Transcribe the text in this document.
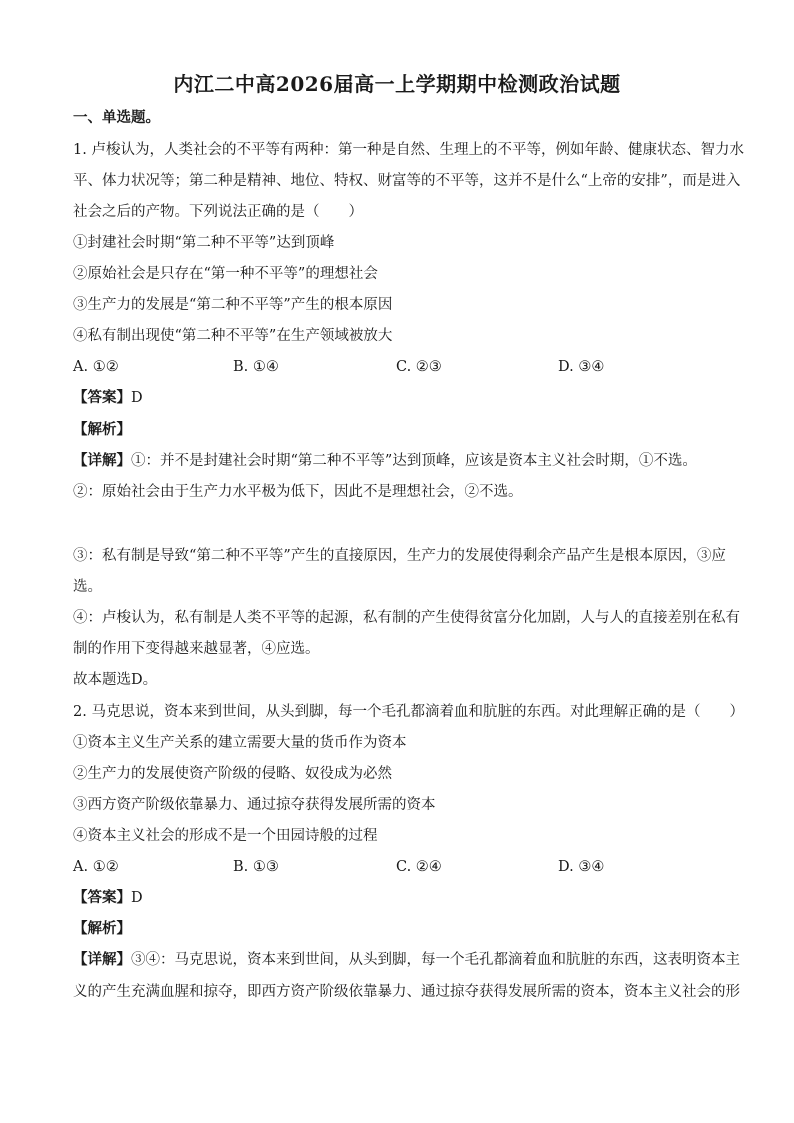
内江二中高2026届高一上学期期中检测政治试题
一、单选题。
1. 卢梭认为，人类社会的不平等有两种：第一种是自然、生理上的不平等，例如年龄、健康状态、智力水
平、体力状况等；第二种是精神、地位、特权、财富等的不平等，这并不是什么“上帝的安排”，而是进入
社会之后的产物。下列说法正确的是（　　）
①封建社会时期“第二种不平等”达到顶峰
②原始社会是只存在“第一种不平等”的理想社会
③生产力的发展是“第二种不平等”产生的根本原因
④私有制出现使“第二种不平等”在生产领域被放大
A. ①②	B. ①④	C. ②③	D. ③④
【答案】D
【解析】
【详解】①：并不是封建社会时期“第二种不平等”达到顶峰，应该是资本主义社会时期，①不选。
②：原始社会由于生产力水平极为低下，因此不是理想社会，②不选。
③：私有制是导致“第二种不平等”产生的直接原因，生产力的发展使得剩余产品产生是根本原因，③应
选。
④：卢梭认为，私有制是人类不平等的起源，私有制的产生使得贫富分化加剧，人与人的直接差别在私有
制的作用下变得越来越显著，④应选。
故本题选D。
2. 马克思说，资本来到世间，从头到脚，每一个毛孔都滴着血和肮脏的东西。对此理解正确的是（　　）
①资本主义生产关系的建立需要大量的货币作为资本
②生产力的发展使资产阶级的侵略、奴役成为必然
③西方资产阶级依靠暴力、通过掠夺获得发展所需的资本
④资本主义社会的形成不是一个田园诗般的过程
A. ①②	B. ①③	C. ②④	D. ③④
【答案】D
【解析】
【详解】③④：马克思说，资本来到世间，从头到脚，每一个毛孔都滴着血和肮脏的东西，这表明资本主
义的产生充满血腥和掠夺，即西方资产阶级依靠暴力、通过掠夺获得发展所需的资本，资本主义社会的形
